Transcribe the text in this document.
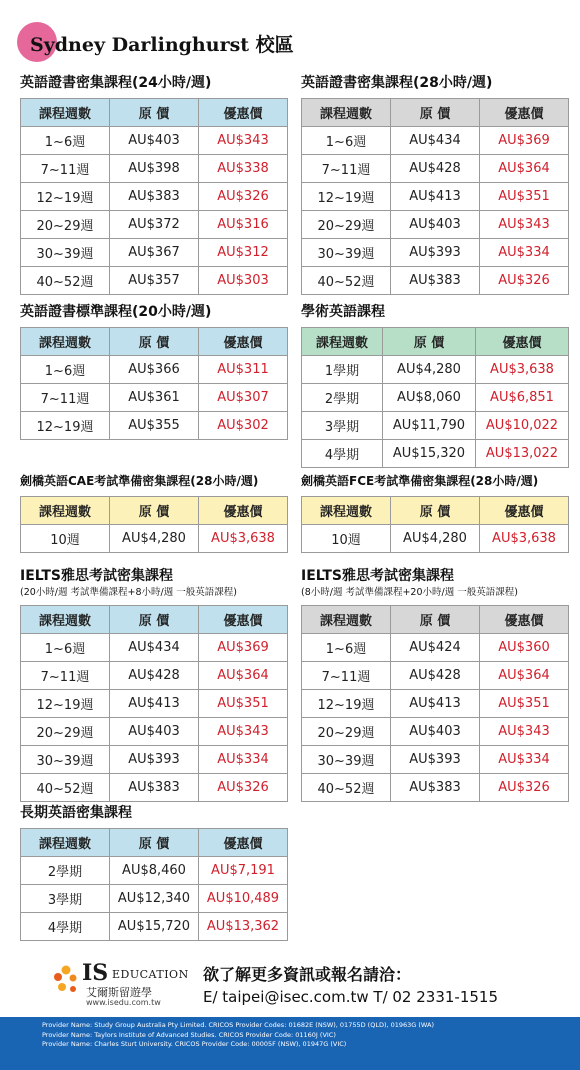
Sydney Darlinghurst 校區
英語證書密集課程(24小時/週)
課程週數	原 價	優惠價
1~6週	AU$403	AU$343
7~11週	AU$398	AU$338
12~19週	AU$383	AU$326
20~29週	AU$372	AU$316
30~39週	AU$367	AU$312
40~52週	AU$357	AU$303
英語證書密集課程(28小時/週)
課程週數	原 價	優惠價
1~6週	AU$434	AU$369
7~11週	AU$428	AU$364
12~19週	AU$413	AU$351
20~29週	AU$403	AU$343
30~39週	AU$393	AU$334
40~52週	AU$383	AU$326
英語證書標準課程(20小時/週)
課程週數	原 價	優惠價
1~6週	AU$366	AU$311
7~11週	AU$361	AU$307
12~19週	AU$355	AU$302
學術英語課程
課程週數	原 價	優惠價
1學期	AU$4,280	AU$3,638
2學期	AU$8,060	AU$6,851
3學期	AU$11,790	AU$10,022
4學期	AU$15,320	AU$13,022
劍橋英語CAE考試準備密集課程(28小時/週)
課程週數	原 價	優惠價
10週	AU$4,280	AU$3,638
劍橋英語FCE考試準備密集課程(28小時/週)
課程週數	原 價	優惠價
10週	AU$4,280	AU$3,638
IELTS雅思考試密集課程
(20小時/週 考試準備課程+8小時/週 一般英語課程)
課程週數	原 價	優惠價
1~6週	AU$434	AU$369
7~11週	AU$428	AU$364
12~19週	AU$413	AU$351
20~29週	AU$403	AU$343
30~39週	AU$393	AU$334
40~52週	AU$383	AU$326
IELTS雅思考試密集課程
(8小時/週 考試準備課程+20小時/週 一般英語課程)
課程週數	原 價	優惠價
1~6週	AU$424	AU$360
7~11週	AU$428	AU$364
12~19週	AU$413	AU$351
20~29週	AU$403	AU$343
30~39週	AU$393	AU$334
40~52週	AU$383	AU$326
長期英語密集課程
課程週數	原 價	優惠價
2學期	AU$8,460	AU$7,191
3學期	AU$12,340	AU$10,489
4學期	AU$15,720	AU$13,362
IS EDUCATION
艾爾斯留遊學
www.isedu.com.tw
欲了解更多資訊或報名請洽：
E/ taipei@isec.com.tw T/ 02 2331-1515
Provider Name: Study Group Australia Pty Limited. CRICOS Provider Codes: 01682E (NSW), 01755D (QLD), 01963G (WA)
Provider Name: Taylors Institute of Advanced Studies. CRICOS Provider Code: 01160J (VIC)
Provider Name: Charles Sturt University. CRICOS Provider Code: 00005F (NSW), 01947G (VIC)
